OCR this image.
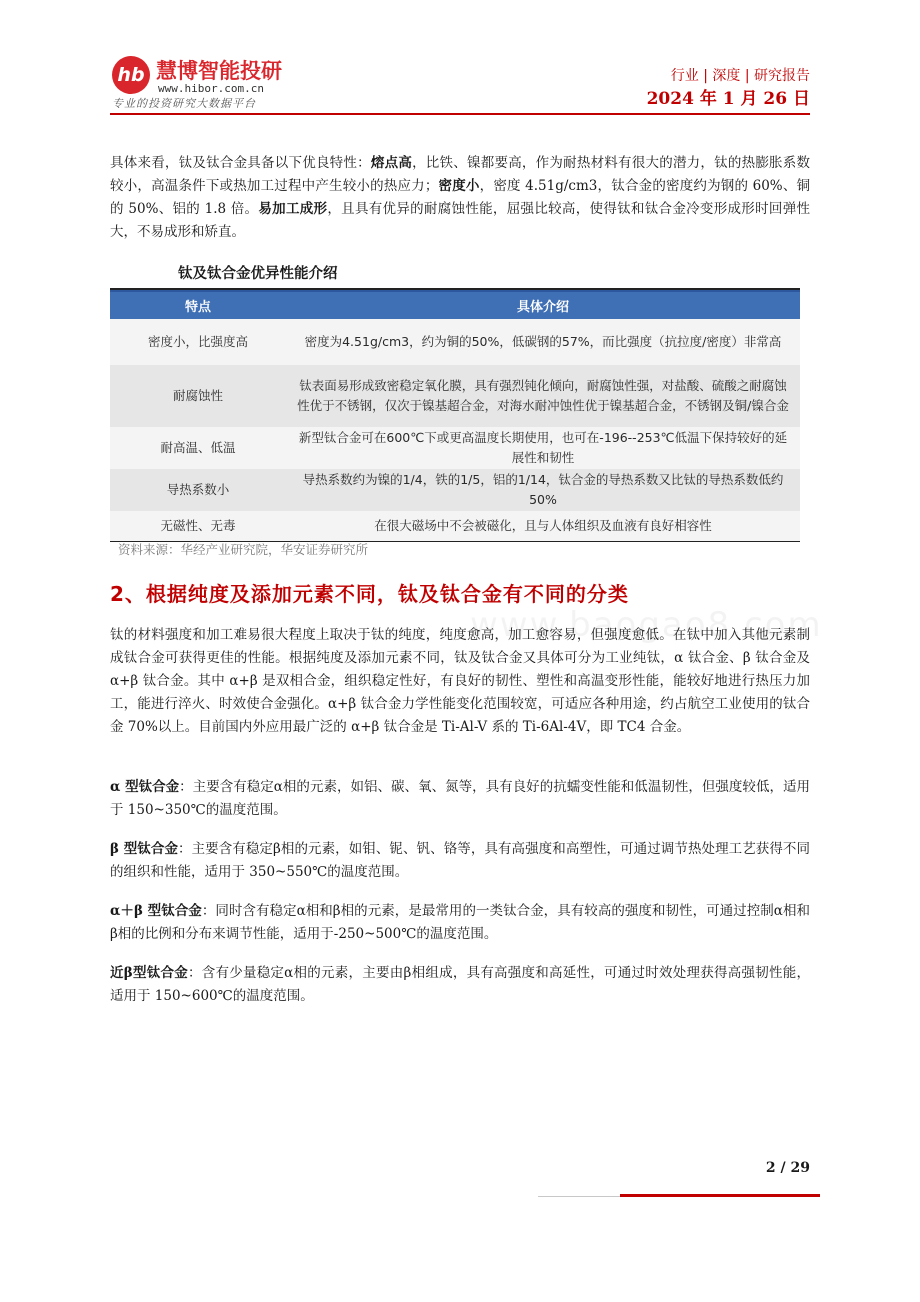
hb 慧博智能投研
www.hibor.com.cn
专业的投资研究大数据平台
行业 | 深度 | 研究报告
2024 年 1 月 26 日

具体来看，钛及钛合金具备以下优良特性：熔点高，比铁、镍都要高，作为耐热材料有很大的潜力，钛的热膨胀系数较小，高温条件下或热加工过程中产生较小的热应力；密度小，密度 4.51g/cm3，钛合金的密度约为钢的 60%、铜的 50%、铝的 1.8 倍。易加工成形，且具有优异的耐腐蚀性能，屈强比较高，使得钛和钛合金冷变形成形时回弹性大，不易成形和矫直。

钛及钛合金优异性能介绍
特点	具体介绍
密度小，比强度高	密度为4.51g/cm3，约为铜的50%，低碳钢的57%，而比强度（抗拉度/密度）非常高
耐腐蚀性	钛表面易形成致密稳定氧化膜，具有强烈钝化倾向，耐腐蚀性强，对盐酸、硫酸之耐腐蚀性优于不锈钢，仅次于镍基超合金，对海水耐冲蚀性优于镍基超合金，不锈钢及铜/镍合金
耐高温、低温	新型钛合金可在600℃下或更高温度长期使用，也可在-196--253℃低温下保持较好的延展性和韧性
导热系数小	导热系数约为镍的1/4，铁的1/5，铝的1/14，钛合金的导热系数又比钛的导热系数低约50%
无磁性、无毒	在很大磁场中不会被磁化，且与人体组织及血液有良好相容性
资料来源：华经产业研究院，华安证券研究所
2、根据纯度及添加元素不同，钛及钛合金有不同的分类

钛的材料强度和加工难易很大程度上取决于钛的纯度，纯度愈高，加工愈容易，但强度愈低。在钛中加入其他元素制成钛合金可获得更佳的性能。根据纯度及添加元素不同，钛及钛合金又具体可分为工业纯钛，α 钛合金、β 钛合金及 α+β 钛合金。其中 α+β 是双相合金，组织稳定性好，有良好的韧性、塑性和高温变形性能，能较好地进行热压力加工，能进行淬火、时效使合金强化。α+β 钛合金力学性能变化范围较宽，可适应各种用途，约占航空工业使用的钛合金 70%以上。目前国内外应用最广泛的 α+β 钛合金是 Ti-Al-V 系的 Ti-6Al-4V，即 TC4 合金。

α 型钛合金：主要含有稳定α相的元素，如铝、碳、氧、氮等，具有良好的抗蠕变性能和低温韧性，但强度较低，适用于 150~350℃的温度范围。

β 型钛合金：主要含有稳定β相的元素，如钼、铌、钒、铬等，具有高强度和高塑性，可通过调节热处理工艺获得不同的组织和性能，适用于 350~550℃的温度范围。

α＋β 型钛合金：同时含有稳定α相和β相的元素，是最常用的一类钛合金，具有较高的强度和韧性，可通过控制α相和β相的比例和分布来调节性能，适用于-250~500℃的温度范围。

近β型钛合金：含有少量稳定α相的元素，主要由β相组成，具有高强度和高延性，可通过时效处理获得高强韧性能，适用于 150~600℃的温度范围。

2 / 29
